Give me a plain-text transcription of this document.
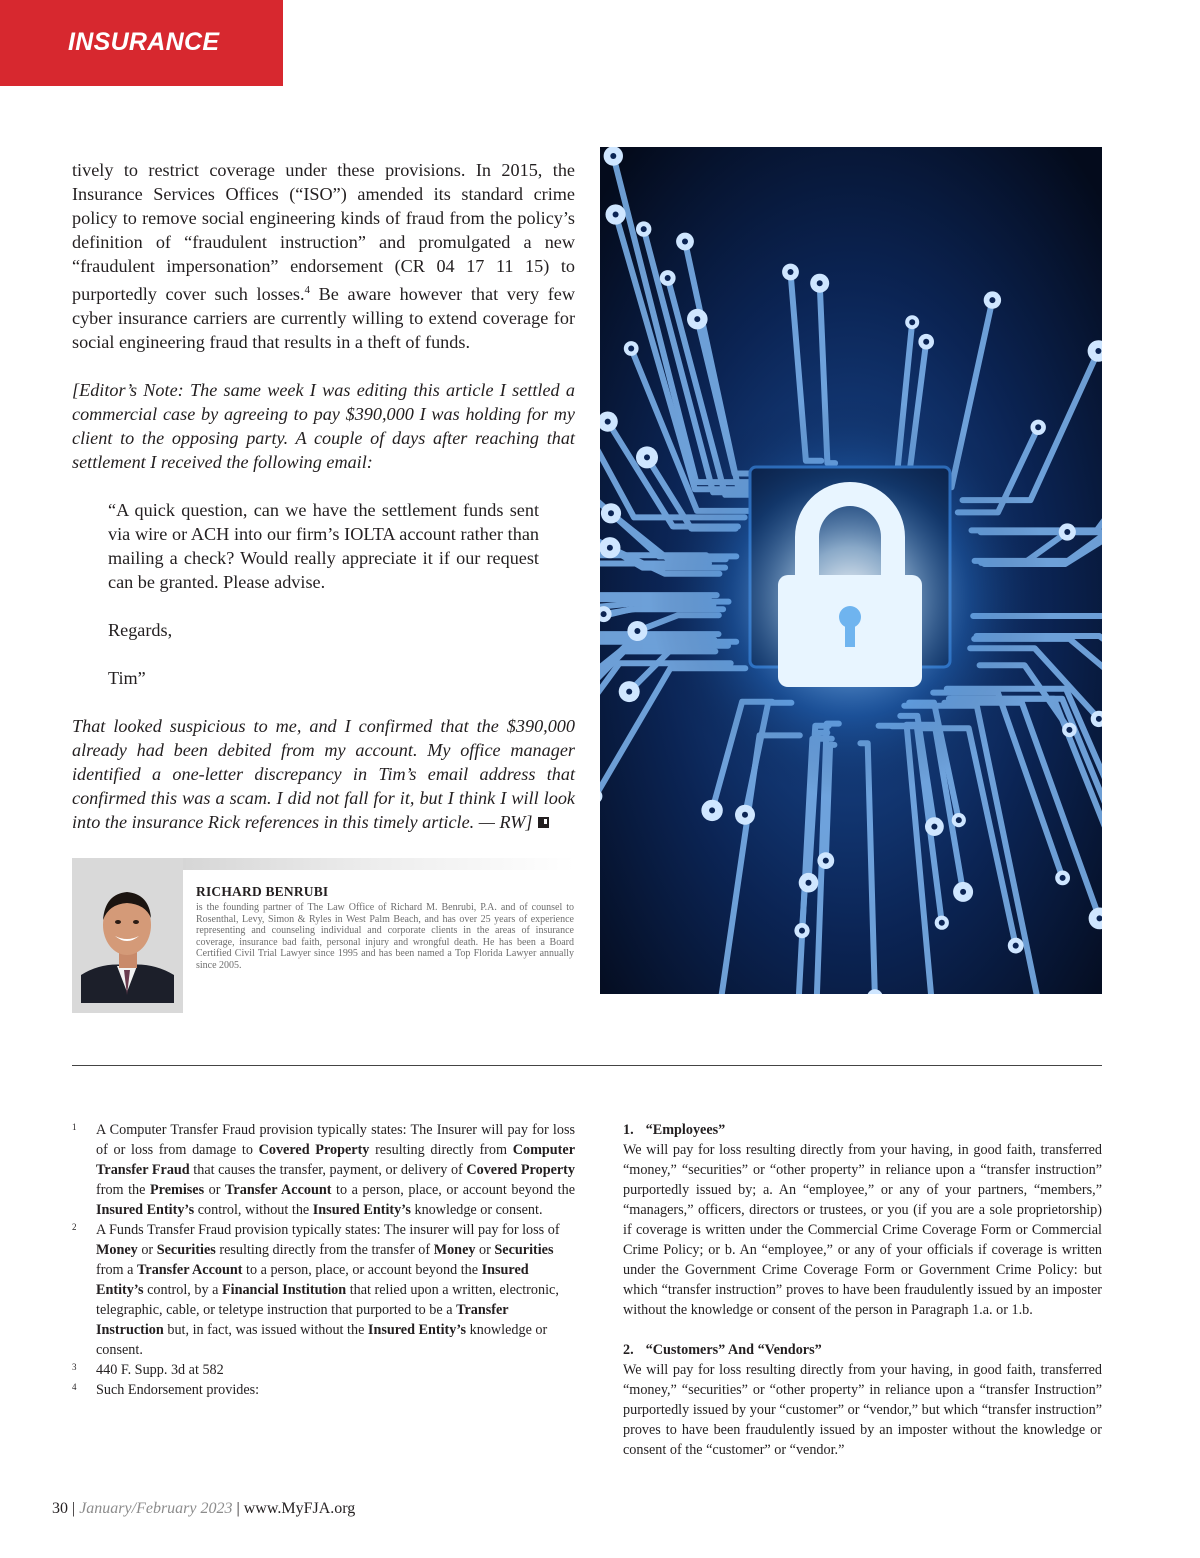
INSURANCE

tively to restrict coverage under these provisions. In 2015, the Insurance Services Offices (“ISO”) amended its standard crime policy to remove social engineering kinds of fraud from the policy’s definition of “fraudulent instruction” and promulgated a new “fraudulent impersonation” endorsement (CR 04 17 11 15) to purportedly cover such losses.$^4$ Be aware however that very few cyber insurance carriers are currently willing to extend coverage for social engineering fraud that results in a theft of funds.

[Editor’s Note: The same week I was editing this article I settled a commercial case by agreeing to pay $390,000 I was holding for my client to the opposing party. A couple of days after reaching that settlement I received the following email:

“A quick question, can we have the settlement funds sent via wire or ACH into our firm’s IOLTA account rather than mailing a check? Would really appreciate it if our request can be granted. Please advise.

Regards,

Tim”

That looked suspicious to me, and I confirmed that the $390,000 already had been debited from my account. My office manager identified a one-letter discrepancy in Tim’s email address that confirmed this was a scam. I did not fall for it, but I think I will look into the insurance Rick references in this timely article. — RW]

RICHARD BENRUBI
is the founding partner of The Law Office of Richard M. Benrubi, P.A. and of counsel to Rosenthal, Levy, Simon & Ryles in West Palm Beach, and has over 25 years of experience representing and counseling individual and corporate clients in the areas of insurance coverage, insurance bad faith, personal injury and wrongful death. He has been a Board Certified Civil Trial Lawyer since 1995 and has been named a Top Florida Lawyer annually since 2005.
1 A Computer Transfer Fraud provision typically states: The Insurer will pay for loss of or loss from damage to Covered Property resulting directly from Computer Transfer Fraud that causes the transfer, payment, or delivery of Covered Property from the Premises or Transfer Account to a person, place, or account beyond the Insured Entity’s control, without the Insured Entity’s knowledge or consent.
2 A Funds Transfer Fraud provision typically states: The insurer will pay for loss of Money or Securities resulting directly from the transfer of Money or Securities from a Transfer Account to a person, place, or account beyond the Insured Entity’s control, by a Financial Institution that relied upon a written, electronic, telegraphic, cable, or teletype instruction that purported to be a Transfer Instruction but, in fact, was issued without the Insured Entity’s knowledge or consent.
3 440 F. Supp. 3d at 582
4 Such Endorsement provides:
1. “Employees”
We will pay for loss resulting directly from your having, in good faith, transferred “money,” “securities” or “other property” in reliance upon a “transfer instruction” purportedly issued by; a. An “employee,” or any of your partners, “members,” “managers,” officers, directors or trustees, or you (if you are a sole proprietorship) if coverage is written under the Commercial Crime Coverage Form or Commercial Crime Policy; or b. An “employee,” or any of your officials if coverage is written under the Government Crime Coverage Form or Government Crime Policy: but which “transfer instruction” proves to have been fraudulently issued by an imposter without the knowledge or consent of the person in Paragraph 1.a. or 1.b.
2. “Customers” And “Vendors”
We will pay for loss resulting directly from your having, in good faith, transferred “money,” “securities” or “other property” in reliance upon a “transfer Instruction” purportedly issued by your “customer” or “vendor,” but which “transfer instruction” proves to have been fraudulently issued by an imposter without the knowledge or consent of the “customer” or “vendor.”
30 | January/February 2023 | www.MyFJA.org
